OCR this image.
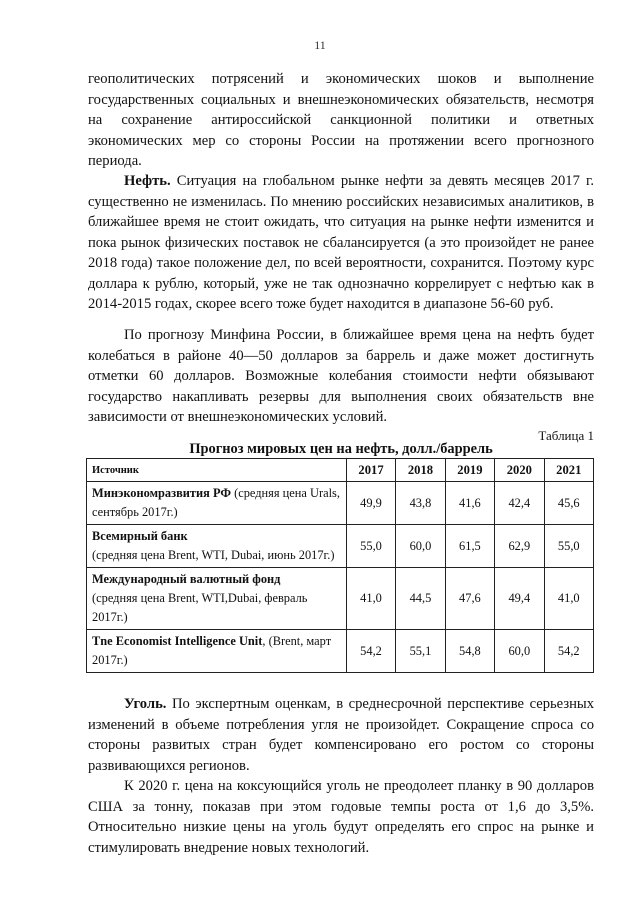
11

геополитических потрясений и экономических шоков и выполнение государственных социальных и внешнеэкономических обязательств, несмотря на сохранение антироссийской санкционной политики и ответных экономических мер со стороны России на протяжении всего прогнозного периода.

Нефть. Ситуация на глобальном рынке нефти за девять месяцев 2017 г. существенно не изменилась. По мнению российских независимых аналитиков, в ближайшее время не стоит ожидать, что ситуация на рынке нефти изменится и пока рынок физических поставок не сбалансируется (а это произойдет не ранее 2018 года) такое положение дел, по всей вероятности, сохранится. Поэтому курс доллара к рублю, который, уже не так однозначно коррелирует с нефтью как в 2014-2015 годах, скорее всего тоже будет находится в диапазоне 56-60 руб.

По прогнозу Минфина России, в ближайшее время цена на нефть будет колебаться в районе 40—50 долларов за баррель и даже может достигнуть отметки 60 долларов. Возможные колебания стоимости нефти обязывают государство накапливать резервы для выполнения своих обязательств вне зависимости от внешнеэкономических условий.

Таблица 1
Прогноз мировых цен на нефть, долл./баррель
Источник	2017	2018	2019	2020	2021
Минэкономразвития РФ (средняя цена Urals, сентябрь 2017г.)	49,9	43,8	41,6	42,4	45,6
Всемирный банк
(средняя цена Brent, WTI, Dubai, июнь 2017г.)	55,0	60,0	61,5	62,9	55,0
Международный валютный фонд
(средняя цена Brent, WTI,Dubai, февраль 2017г.)	41,0	44,5	47,6	49,4	41,0
Tne Economist Intelligence Unit, (Brent, март 2017г.)	54,2	55,1	54,8	60,0	54,2

Уголь. По экспертным оценкам, в среднесрочной перспективе серьезных изменений в объеме потребления угля не произойдет. Сокращение спроса со стороны развитых стран будет компенсировано его ростом со стороны развивающихся регионов.

К 2020 г. цена на коксующийся уголь не преодолеет планку в 90 долларов США за тонну, показав при этом годовые темпы роста от 1,6 до 3,5%. Относительно низкие цены на уголь будут определять его спрос на рынке и стимулировать внедрение новых технологий.
